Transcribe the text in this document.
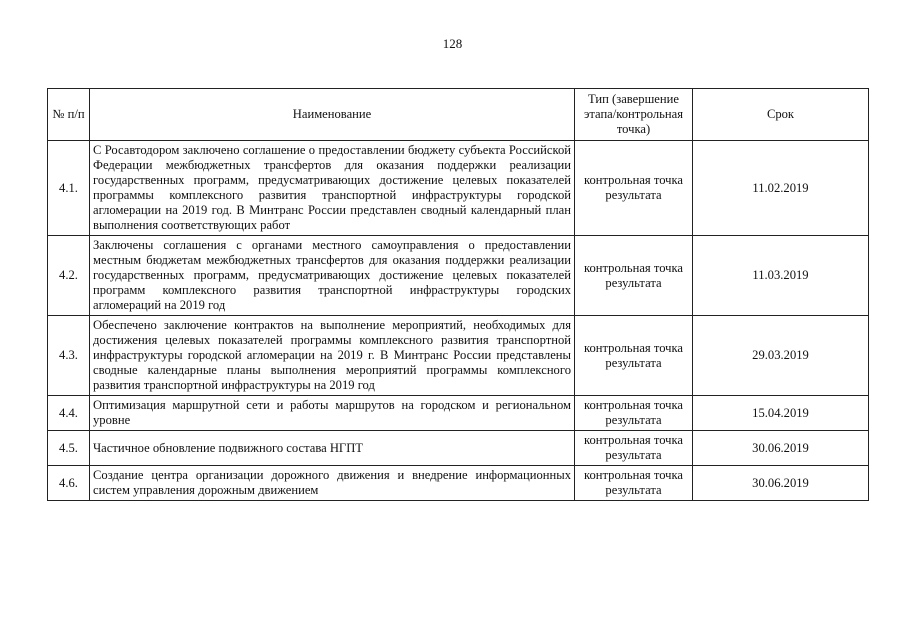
128
№ п/п	Наименование	Тип (завершение этапа/контрольная точка)	Срок
4.1.	С Росавтодором заключено соглашение о предоставлении бюджету субъекта Российской Федерации межбюджетных трансфертов для оказания поддержки реализации государственных программ, предусматривающих достижение целевых показателей программы комплексного развития транспортной инфраструктуры городской агломерации на 2019 год. В Минтранс России представлен сводный календарный план выполнения соответствующих работ	контрольная точка результата	11.02.2019
4.2.	Заключены соглашения с органами местного самоуправления о предоставлении местным бюджетам межбюджетных трансфертов для оказания поддержки реализации государственных программ, предусматривающих достижение целевых показателей программ комплексного развития транспортной инфраструктуры городских агломераций на 2019 год	контрольная точка результата	11.03.2019
4.3.	Обеспечено заключение контрактов на выполнение мероприятий, необходимых для достижения целевых показателей программы комплексного развития транспортной инфраструктуры городской агломерации на 2019 г. В Минтранс России представлены сводные календарные планы выполнения мероприятий программы комплексного развития транспортной инфраструктуры на 2019 год	контрольная точка результата	29.03.2019
4.4.	Оптимизация маршрутной сети и работы маршрутов на городском и региональном уровне	контрольная точка результата	15.04.2019
4.5.	Частичное обновление подвижного состава НГПТ	контрольная точка результата	30.06.2019
4.6.	Создание центра организации дорожного движения и внедрение информационных систем управления дорожным движением	контрольная точка результата	30.06.2019
